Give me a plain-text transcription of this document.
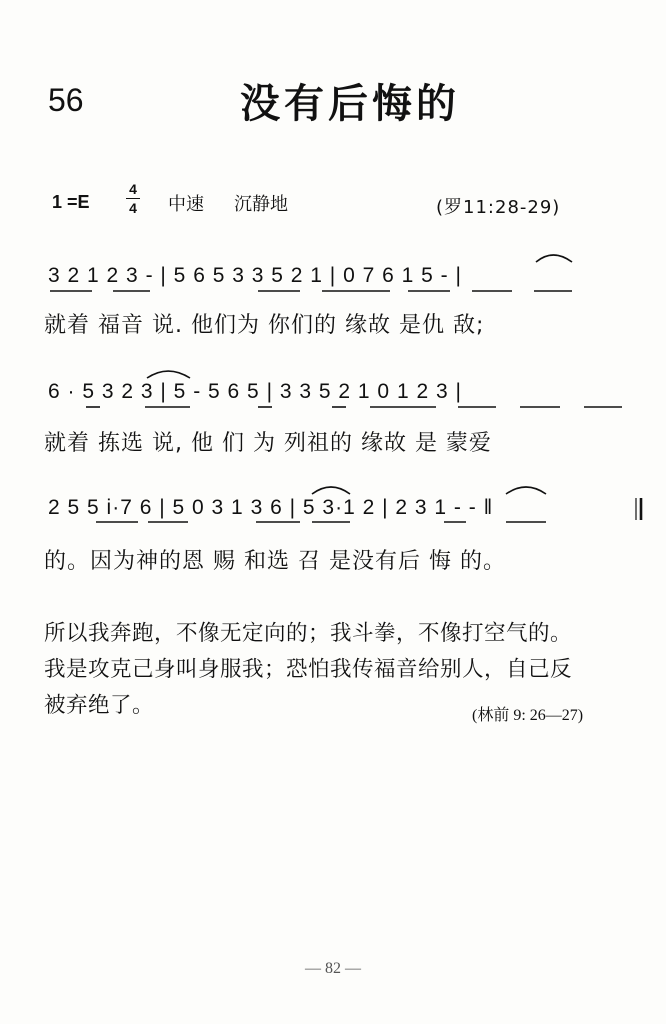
56	没有后悔的
1 =E
4
4	中速 沉静地	(罗11:28-29)
3 2 1 2 3 - | 5 6 5 3 3 5 2 1 | 0 7 6 1 5 - |
就着 福音 说. 他们为 你们的 缘故 是仇 敌;
6 · 5 3 2 3 | 5 - 5 6 5 | 3 3 5 2 1 0 1 2 3 |
就着 拣选 说, 他 们 为 列祖的 缘故 是 蒙爱
2 5 5 i·7 6 | 5 0 3 1 3 6 | 5 3·1 2 | 2 3 1 - - ‖
的。因为神的恩 赐 和选 召 是没有后 悔 的。
所以我奔跑，不像无定向的；我斗拳，不像打空气的。
我是攻克己身叫身服我；恐怕我传福音给别人，自己反
被弃绝了。	(林前 9: 26—27)
— 82 —
